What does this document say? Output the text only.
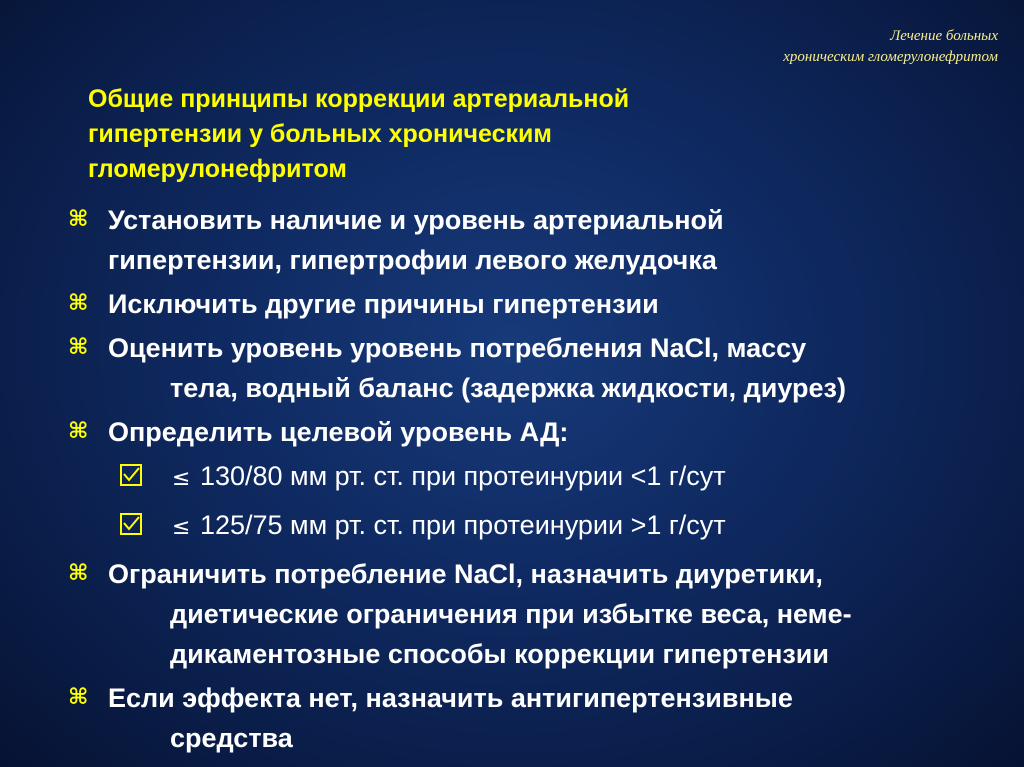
Лечение больных
хроническим гломерулонефритом
Общие принципы коррекции артериальной
гипертензии у больных хроническим
гломерулонефритом
⌘ Установить наличие и уровень артериальной
гипертензии, гипертрофии левого желудочка
⌘ Исключить другие причины гипертензии
⌘ Оценить уровень уровень потребления NaCl, массу
тела, водный баланс (задержка жидкости, диурез)
⌘ Определить целевой уровень АД:
≤ 130/80 мм рт. ст. при протеинурии <1 г/сут
≤ 125/75 мм рт. ст. при протеинурии >1 г/сут
⌘ Ограничить потребление NaCl, назначить диуретики,
диетические ограничения при избытке веса, неме-
дикаментозные способы коррекции гипертензии
⌘ Если эффекта нет, назначить антигипертензивные
средства
